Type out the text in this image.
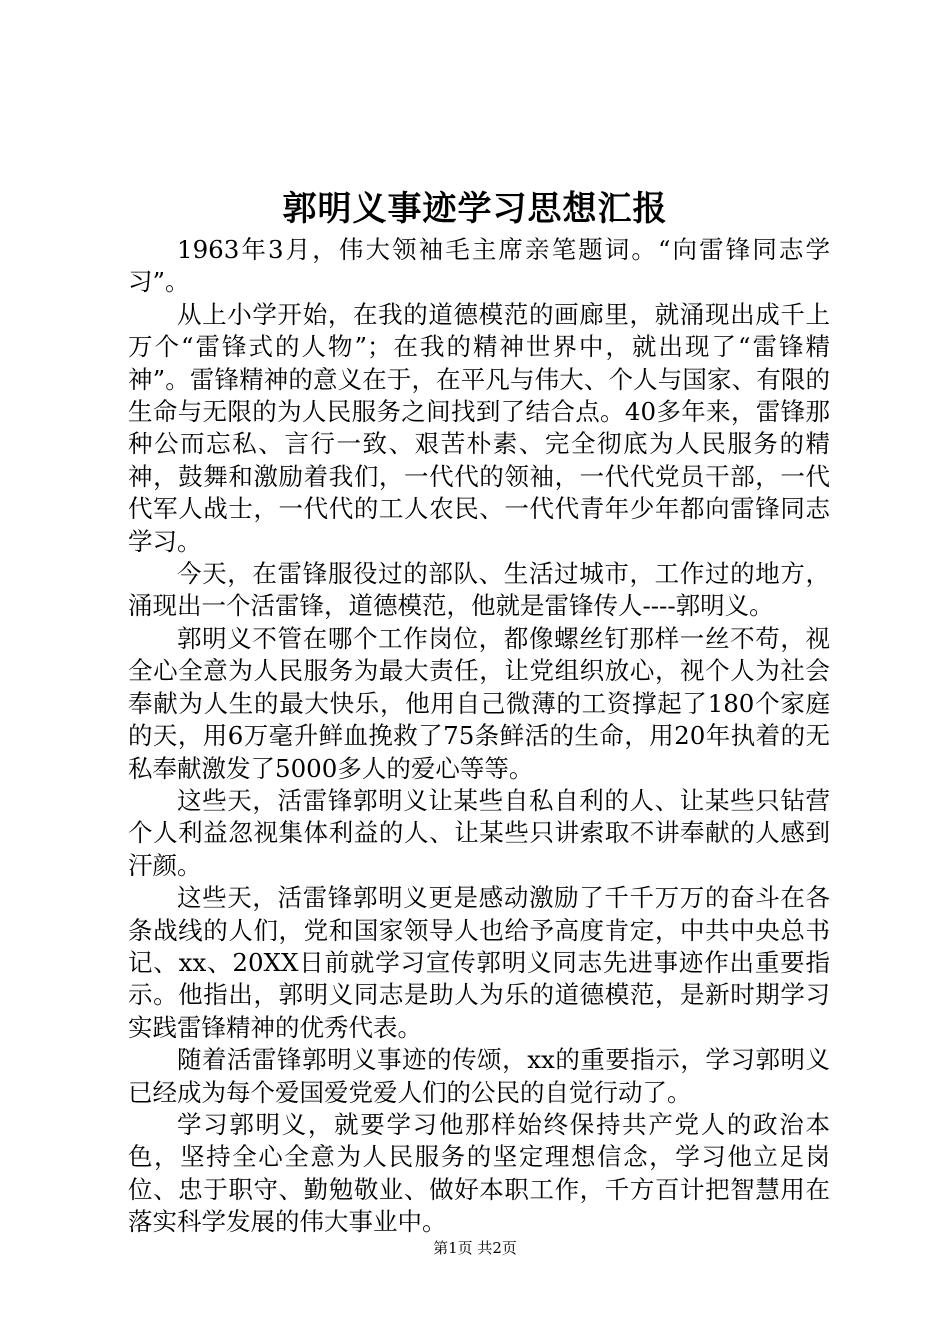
郭明义事迹学习思想汇报

1963年3月，伟大领袖毛主席亲笔题词。“向雷锋同志学习”。

从上小学开始，在我的道德模范的画廊里，就涌现出成千上万个“雷锋式的人物”；在我的精神世界中，就出现了“雷锋精神”。雷锋精神的意义在于，在平凡与伟大、个人与国家、有限的生命与无限的为人民服务之间找到了结合点。40多年来，雷锋那种公而忘私、言行一致、艰苦朴素、完全彻底为人民服务的精神，鼓舞和激励着我们，一代代的领袖，一代代党员干部，一代代军人战士，一代代的工人农民、一代代青年少年都向雷锋同志学习。

今天，在雷锋服役过的部队、生活过城市，工作过的地方，涌现出一个活雷锋，道德模范，他就是雷锋传人----郭明义。

郭明义不管在哪个工作岗位，都像螺丝钉那样一丝不苟，视全心全意为人民服务为最大责任，让党组织放心，视个人为社会奉献为人生的最大快乐，他用自己微薄的工资撑起了180个家庭的天，用6万毫升鲜血挽救了75条鲜活的生命，用20年执着的无私奉献激发了5000多人的爱心等等。

这些天，活雷锋郭明义让某些自私自利的人、让某些只钻营个人利益忽视集体利益的人、让某些只讲索取不讲奉献的人感到汗颜。

这些天，活雷锋郭明义更是感动激励了千千万万的奋斗在各条战线的人们，党和国家领导人也给予高度肯定，中共中央总书记、xx、20XX日前就学习宣传郭明义同志先进事迹作出重要指示。他指出，郭明义同志是助人为乐的道德模范，是新时期学习实践雷锋精神的优秀代表。

随着活雷锋郭明义事迹的传颂，xx的重要指示，学习郭明义已经成为每个爱国爱党爱人们的公民的自觉行动了。

学习郭明义，就要学习他那样始终保持共产党人的政治本色，坚持全心全意为人民服务的坚定理想信念，学习他立足岗位、忠于职守、勤勉敬业、做好本职工作，千方百计把智慧用在落实科学发展的伟大事业中。

第1页 共2页
